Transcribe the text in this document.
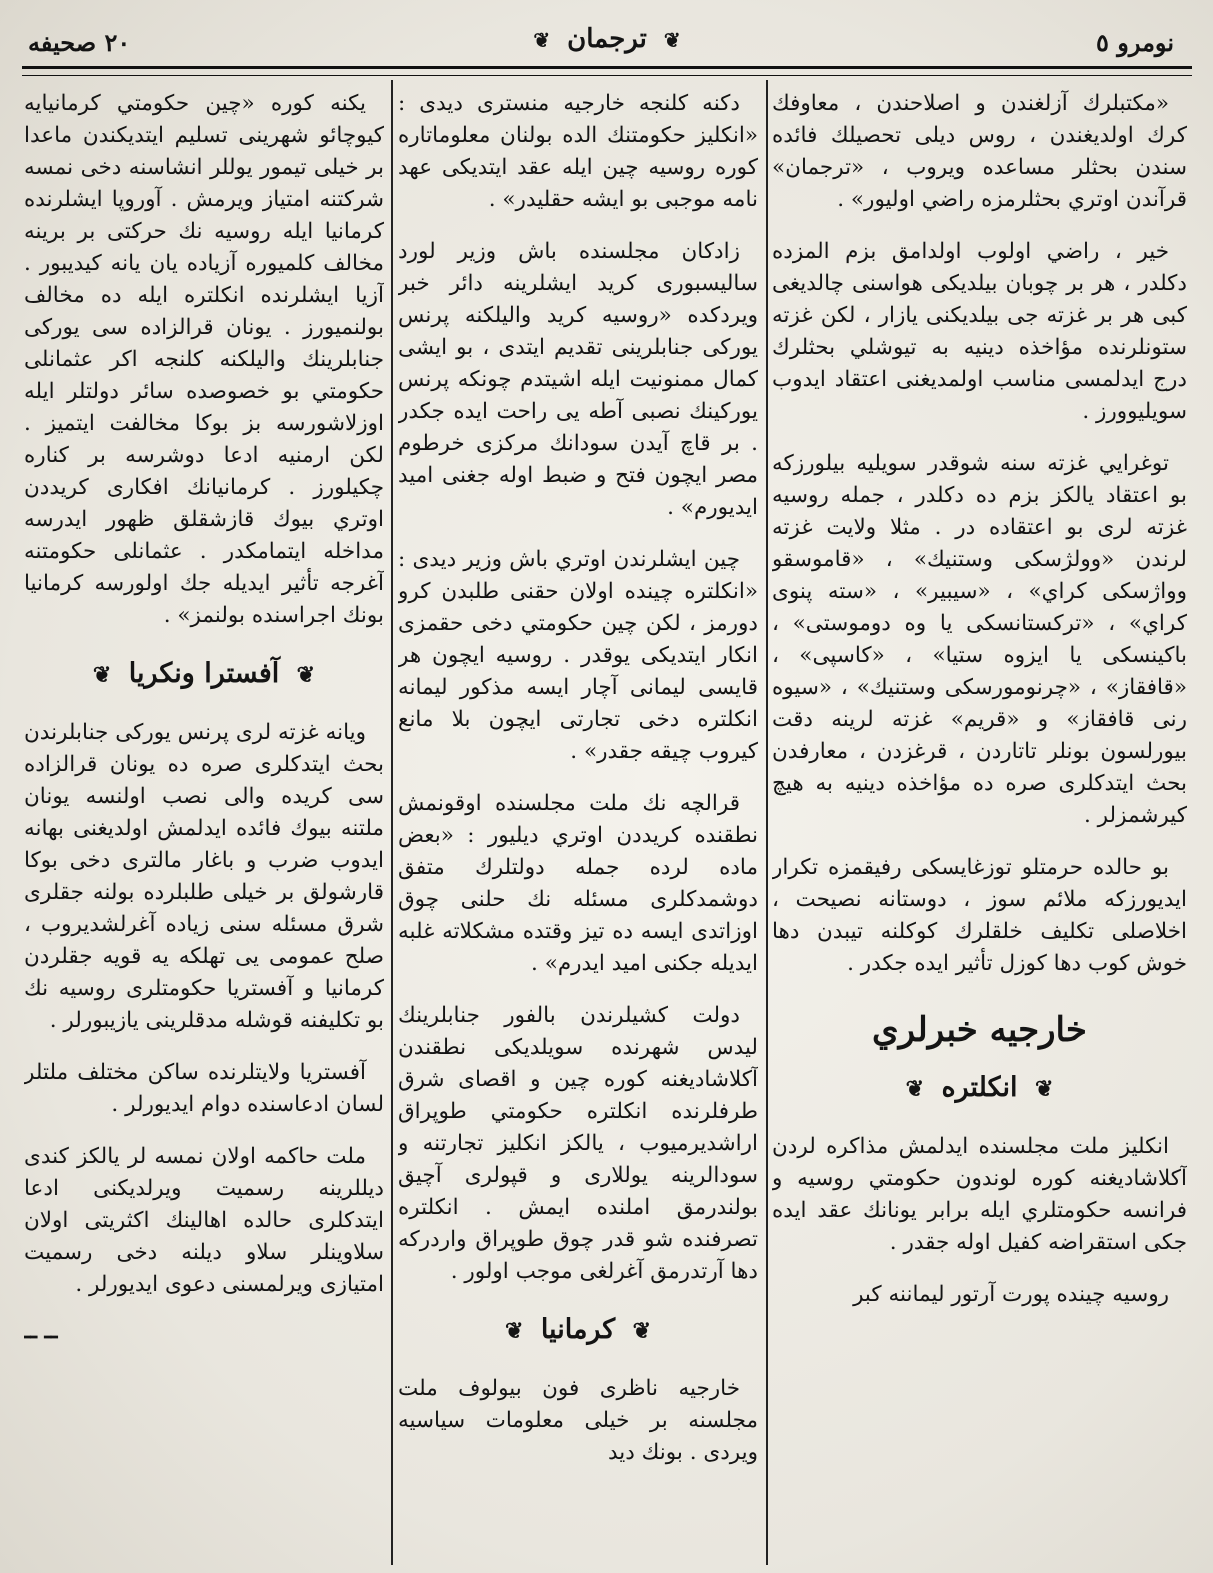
نومرو ٥
❦ ترجمان ❦
٢٠ صحيفه

«مكتبلرك آزلغندن و اصلاحندن ، معاوفك كرك اولديغندن ، روس ديلى تحصيلك فائده سندن بحثلر مساعده ويروب ، «ترجمان» قرآندن اوتري بحثلرمزه راضي اوليور» .

خير ، راضي اولوب اولدامق بزم المزده دكلدر ، هر بر چوبان بيلديكى هواسنى چالديغى كبى هر بر غزته جى بيلديكنى يازار ، لكن غزته ستونلرنده مؤاخذه دينيه به تيوشلي بحثلرك درج ايدلمسى مناسب اولمديغنى اعتقاد ايدوب سويليوورز .

توغرايي غزته سنه شوقدر سويليه بيلورزكه بو اعتقاد يالكز بزم ده دكلدر ، جمله روسيه غزته لرى بو اعتقاده در . مثلا ولايت غزته لرندن «وولژسكى وستنيك» ، «قاموسقو وواژسكى كراي» ، «سيبير» ، «سته پنوى كراي» ، «تركستانسكى يا وه دوموستى» ، باكينسكى يا ايزوه ستيا» ، «كاسپى» ، «قافقاز» ، «چرنومورسكى وستنيك» ، «سيوه رنى قافقاز» و «قريم» غزته لرينه دقت بيورلسون بونلر تاتاردن ، قرغزدن ، معارفدن بحث ايتدكلرى صره ده مؤاخذه دينيه به هيچ كيرشمزلر .

بو حالده حرمتلو توزغايسكى رفيقمزه تكرار ايديورزكه ملائم سوز ، دوستانه نصيحت ، اخلاصلى تكليف خلقلرك كوكلنه تيبدن دها خوش كوب دها كوزل تأثير ايده جكدر .

خارجيه خبرلري
❦ انكلتره ❦

انكليز ملت مجلسنده ايدلمش مذاكره لردن آكلاشاديغنه كوره لوندون حكومتي روسيه و فرانسه حكومتلري ايله برابر يونانك عقد ايده جكى استقراضه كفيل اوله جقدر .

روسيه چينده پورت آرتور ليماننه كبر

دكنه كلنجه خارجيه منسترى ديدى : «انكليز حكومتنك الده بولنان معلوماتاره كوره روسيه چين ايله عقد ايتديكى عهد نامه موجبى بو ايشه حقليدر» .

زادكان مجلسنده باش وزير لورد ساليسبورى كريد ايشلرينه دائر خبر ويردكده «روسيه كريد واليلكنه پرنس يوركى جنابلرينى تقديم ايتدى ، بو ايشى كمال ممنونيت ايله اشيتدم چونكه پرنس يوركينك نصبى آطه يى راحت ايده جكدر . بر قاچ آيدن سودانك مركزى خرطوم مصر ايچون فتح و ضبط اوله جغنى اميد ايديورم» .

چين ايشلرندن اوتري باش وزير ديدى : «انكلتره چينده اولان حقنى طلبدن كرو دورمز ، لكن چين حكومتي دخى حقمزى انكار ايتديكى يوقدر . روسيه ايچون هر قايسى ليمانى آچار ايسه مذكور ليمانه انكلتره دخى تجارتى ايچون بلا مانع كيروب چيقه جقدر» .

قرالچه نك ملت مجلسنده اوقونمش نطقنده كريددن اوتري ديليور : «بعض ماده لرده جمله دولتلرك متفق دوشمدكلرى مسئله نك حلنى چوق اوزاتدى ايسه ده تيز وقتده مشكلاته غلبه ايديله جكنى اميد ايدرم» .

دولت كشيلرندن بالفور جنابلرينك ليدس شهرنده سويلديكى نطقندن آكلاشاديغنه كوره چين و اقصاى شرق طرفلرنده انكلتره حكومتي طوپراق اراشديرميوب ، يالكز انكليز تجارتنه و سودالرينه يوللارى و قپولرى آچيق بولندرمق املنده ايمش . انكلتره تصرفنده شو قدر چوق طوپراق واردركه دها آرتدرمق آغرلغى موجب اولور .

❦ كرمانيا ❦

خارجيه ناظرى فون بيولوف ملت مجلسنه بر خيلى معلومات سياسيه ويردى . بونك ديد

يكنه كوره «چين حكومتي كرمانيايه كيوچائو شهرينى تسليم ايتديكندن ماعدا بر خيلى تيمور يوللر انشاسنه دخى نمسه شركتنه امتياز ويرمش . آوروپا ايشلرنده كرمانيا ايله روسيه نك حركتى بر برينه مخالف كلميوره آزياده يان يانه كيديبور . آزيا ايشلرنده انكلتره ايله ده مخالف بولنميورز . يونان قرالزاده سى يوركى جنابلرينك واليلكنه كلنجه اكر عثمانلى حكومتي بو خصوصده سائر دولتلر ايله اوزلاشورسه بز بوكا مخالفت ايتميز . لكن ارمنيه ادعا دوشرسه بر كناره چكيلورز . كرمانيانك افكارى كريددن اوتري بيوك قازشقلق ظهور ايدرسه مداخله ايتمامكدر . عثمانلى حكومتنه آغرجه تأثير ايديله جك اولورسه كرمانيا بونك اجراسنده بولنمز» .

❦ آفسترا ونكريا ❦

ويانه غزته لرى پرنس يوركى جنابلرندن بحث ايتدكلرى صره ده يونان قرالزاده سى كريده والى نصب اولنسه يونان ملتنه بيوك فائده ايدلمش اولديغنى بهانه ايدوب ضرب و باغار مالترى دخى بوكا قارشولق بر خيلى طلبلرده بولنه جقلرى شرق مسئله سنى زياده آغرلشديروب ، صلح عمومى يى تهلكه يه قويه جقلردن كرمانيا و آفستريا حكومتلرى روسيه نك بو تكليفنه قوشله مدقلرينى يازيبورلر .

آفستريا ولايتلرنده ساكن مختلف ملتلر لسان ادعاسنده دوام ايديورلر .

ملت حاكمه اولان نمسه لر يالكز كندى ديللرينه رسميت ويرلديكنى ادعا ايتدكلرى حالده اهالينك اكثريتى اولان سلاوينلر سلاو ديلنه دخى رسميت امتيازى ويرلمسنى دعوى ايديورلر .

ــ ــ
